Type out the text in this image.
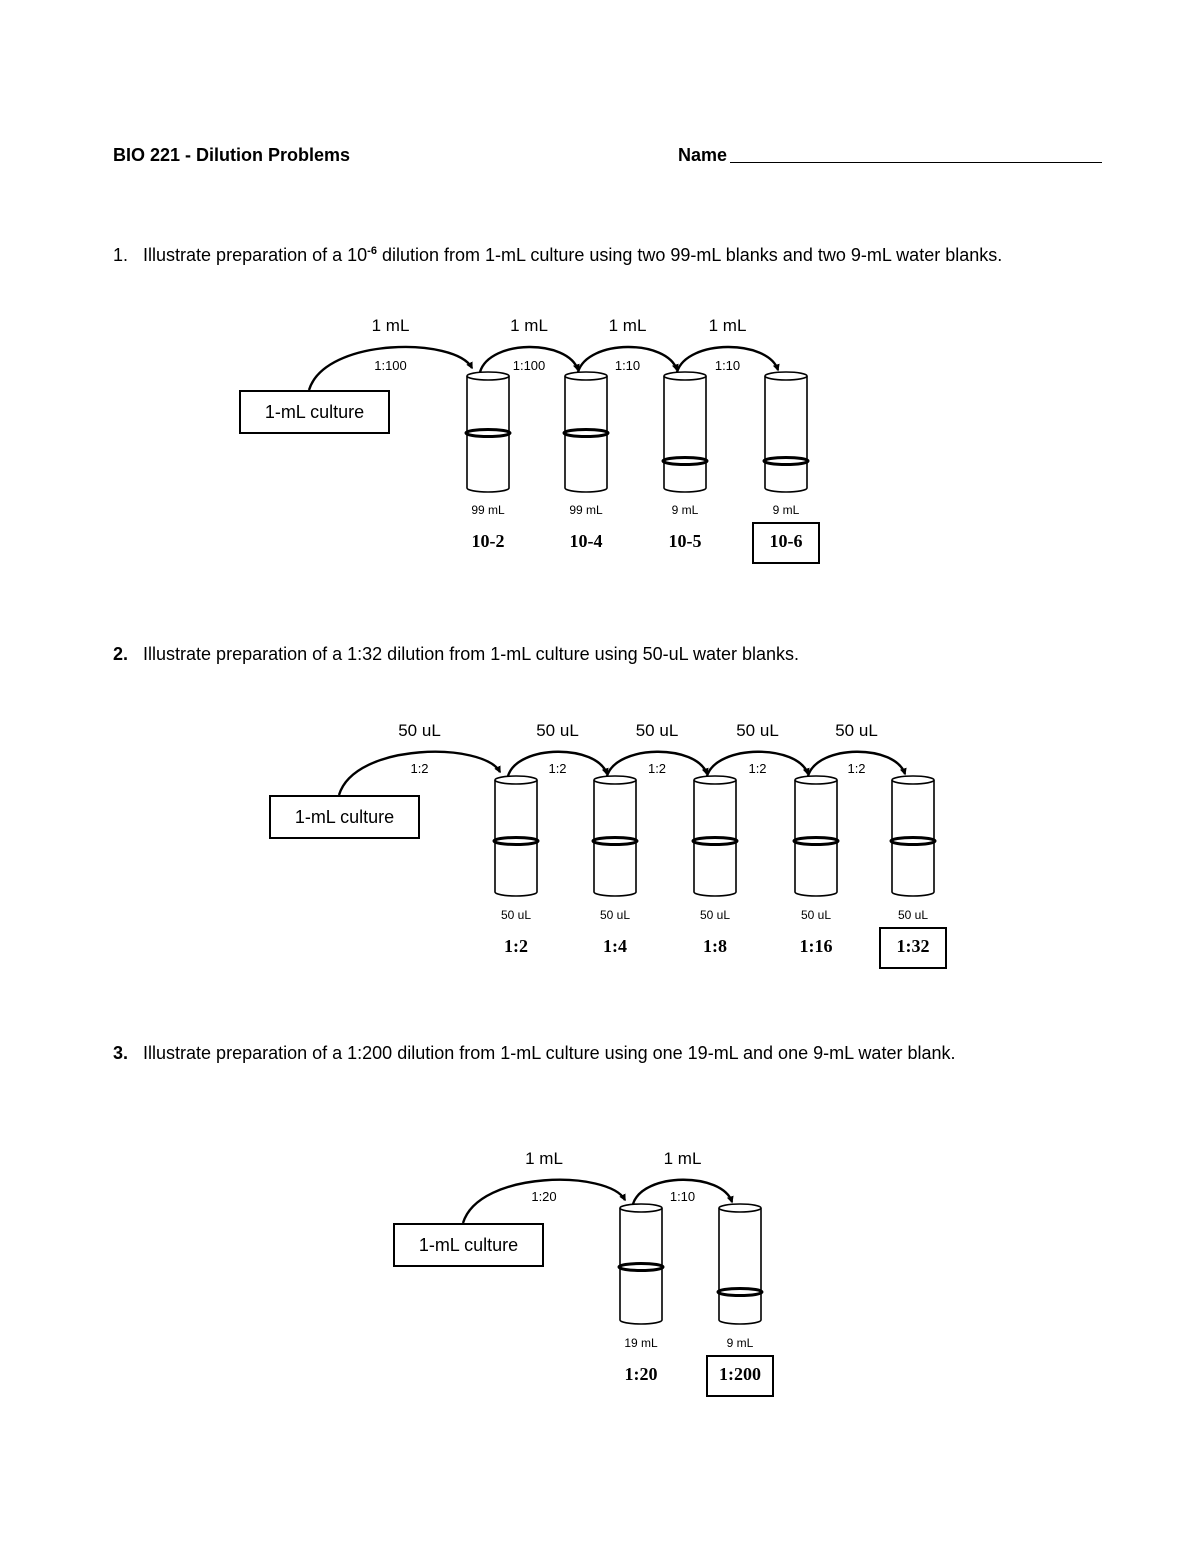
BIO 221 - Dilution Problems	Name
1. Illustrate preparation of a $10^{-6}$ dilution from 1-mL culture using two 99-mL blanks and two 9-mL water blanks.
2. Illustrate preparation of a 1:32 dilution from 1-mL culture using 50-uL water blanks.
3. Illustrate preparation of a 1:200 dilution from 1-mL culture using one 19-mL and one 9-mL water blank.
1-mL culture
99 mL
10-2
99 mL
10-4
9 mL
10-5
9 mL
10-6
1 mL
1:100
1 mL
1:100
1 mL
1:10
1 mL
1:10
1-mL culture
50 uL
1:2
50 uL
1:4
50 uL
1:8
50 uL
1:16
50 uL
1:32
50 uL
1:2
50 uL
1:2
50 uL
1:2
50 uL
1:2
50 uL
1:2
1-mL culture
19 mL
1:20
9 mL
1:200
1 mL
1:20
1 mL
1:10
